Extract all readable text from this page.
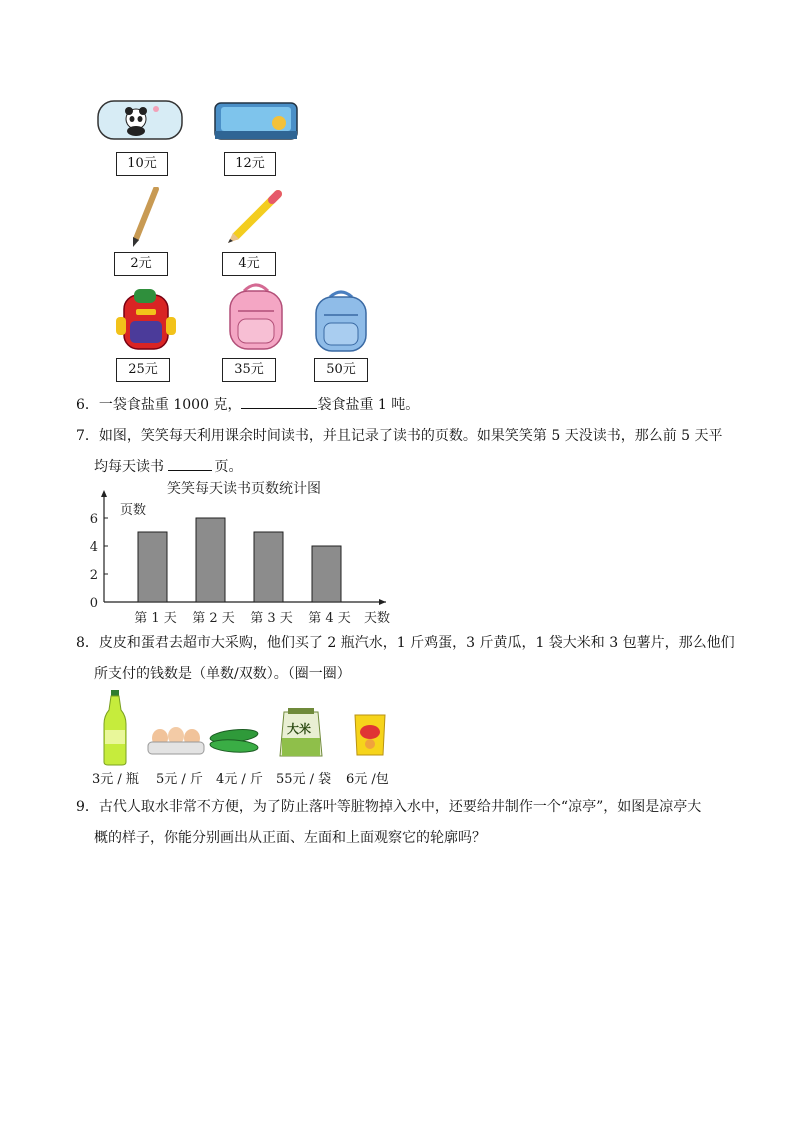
10元	12元
2元	4元
25元	35元	50元
6．一袋食盐重 1000 克，	袋食盐重 1 吨。
7．如图，笑笑每天利用课余时间读书，并且记录了读书的页数。如果笑笑第 5 天没读书，那么前 5 天平
均每天读书	页。
笑笑每天读书页数统计图
页数
天数
0
2
4
6
第 1 天 第 2 天 第 3 天 第 4 天
8．皮皮和蛋君去超市大采购，他们买了 2 瓶汽水，1 斤鸡蛋，3 斤黄瓜，1 袋大米和 3 包薯片，那么他们
所支付的钱数是（单数/双数）。（圈一圈）
大米
3元 / 瓶 5元 / 斤 4元 / 斤 55元 / 袋 6元 /包
9．古代人取水非常不方便，为了防止落叶等脏物掉入水中，还要给井制作一个“凉亭”，如图是凉亭大
概的样子，你能分别画出从正面、左面和上面观察它的轮廓吗？
